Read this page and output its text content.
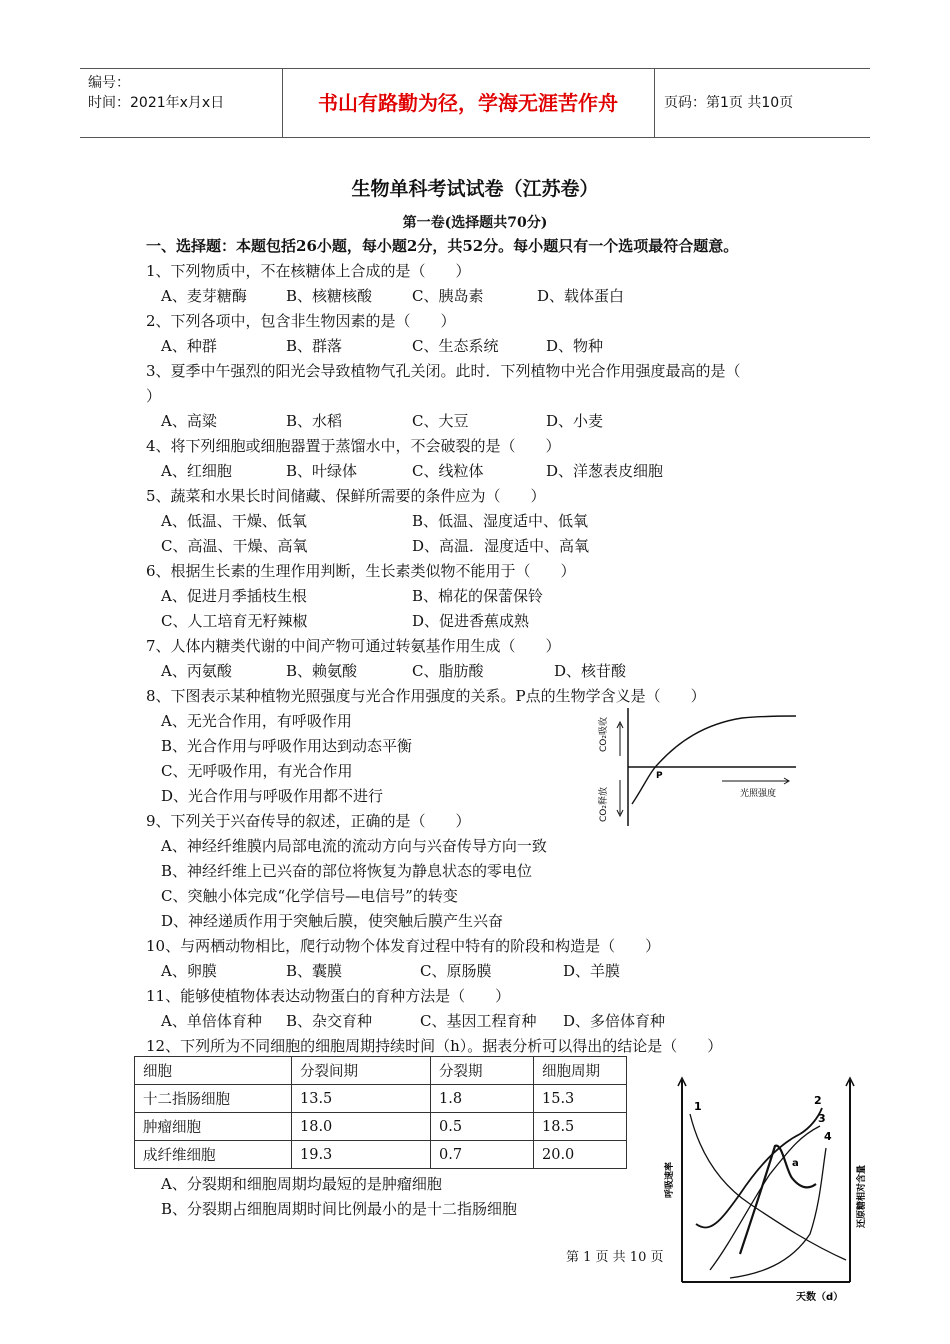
编号：
时间：2021年x月x日	书山有路勤为径，学海无涯苦作舟	页码：第1页 共10页
生物单科考试试卷（江苏卷）
第一卷(选择题共70分)
一、选择题：本题包括26小题，每小题2分，共52分。每小题只有一个选项最符合题意。
1、下列物质中，不在核糖体上合成的是（　　）
A、麦芽糖酶	B、核糖核酸	C、胰岛素	D、载体蛋白
2、下列各项中，包含非生物因素的是（　　）
A、种群	B、群落	C、生态系统	D、物种
3、夏季中午强烈的阳光会导致植物气孔关闭。此时．下列植物中光合作用强度最高的是（
）
A、高粱	B、水稻	C、大豆	D、小麦
4、将下列细胞或细胞器置于蒸馏水中，不会破裂的是（　　）
A、红细胞	B、叶绿体	C、线粒体	D、洋葱表皮细胞
5、蔬菜和水果长时间储藏、保鲜所需要的条件应为（　　）
A、低温、干燥、低氧	B、低温、湿度适中、低氧
C、高温、干燥、高氧	D、高温．湿度适中、高氧
6、根据生长素的生理作用判断，生长素类似物不能用于（　　）
A、促进月季插枝生根	B、棉花的保蕾保铃
C、人工培育无籽辣椒	D、促进香蕉成熟
7、人体内糖类代谢的中间产物可通过转氨基作用生成（　　）
A、丙氨酸	B、赖氨酸	C、脂肪酸	D、核苷酸
8、下图表示某种植物光照强度与光合作用强度的关系。P点的生物学含义是（　　）
A、无光合作用，有呼吸作用
B、光合作用与呼吸作用达到动态平衡
C、无呼吸作用，有光合作用
D、光合作用与呼吸作用都不进行
CO₂吸收
CO₂释放
P
光照强度
9、下列关于兴奋传导的叙述，正确的是（　　）
A、神经纤维膜内局部电流的流动方向与兴奋传导方向一致
B、神经纤维上已兴奋的部位将恢复为静息状态的零电位
C、突触小体完成“化学信号—电信号”的转变
D、神经递质作用于突触后膜，使突触后膜产生兴奋
10、与两栖动物相比，爬行动物个体发育过程中特有的阶段和构造是（　　）
A、卵膜	B、囊膜	C、原肠膜	D、羊膜
11、能够使植物体表达动物蛋白的育种方法是（　　）
A、单倍体育种 B、杂交育种	C、基因工程育种 D、多倍体育种
12、下列所为不同细胞的细胞周期持续时间（h）。据表分析可以得出的结论是（　　）
细胞	分裂间期	分裂期	细胞周期
十二指肠细胞	13.5	1.8	15.3
肿瘤细胞	18.0	0.5	18.5
成纤维细胞	19.3	0.7	20.0
A、分裂期和细胞周期均最短的是肿瘤细胞
B、分裂期占细胞周期时间比例最小的是十二指肠细胞
1	2
3
4
a
呼吸速率	还原糖相对含量
天数（d）
第 1 页 共 10 页
